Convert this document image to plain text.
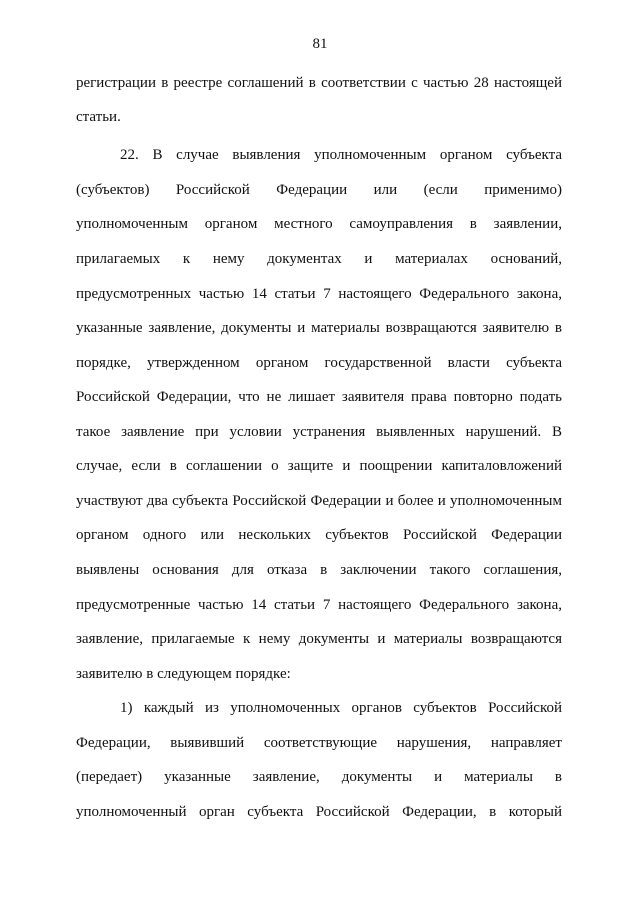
81
регистрации в реестре соглашений в соответствии с частью 28 настоящей
статьи.
22. В случае выявления уполномоченным органом субъекта
(субъектов) Российской Федерации или (если применимо)
уполномоченным органом местного самоуправления в заявлении,
прилагаемых к нему документах и материалах оснований,
предусмотренных частью 14 статьи 7 настоящего Федерального закона,
указанные заявление, документы и материалы возвращаются заявителю в
порядке, утвержденном органом государственной власти субъекта
Российской Федерации, что не лишает заявителя права повторно подать
такое заявление при условии устранения выявленных нарушений. В
случае, если в соглашении о защите и поощрении капиталовложений
участвуют два субъекта Российской Федерации и более и уполномоченным
органом одного или нескольких субъектов Российской Федерации
выявлены основания для отказа в заключении такого соглашения,
предусмотренные частью 14 статьи 7 настоящего Федерального закона,
заявление, прилагаемые к нему документы и материалы возвращаются
заявителю в следующем порядке:
1) каждый из уполномоченных органов субъектов Российской
Федерации, выявивший соответствующие нарушения, направляет
(передает) указанные заявление, документы и материалы в
уполномоченный орган субъекта Российской Федерации, в который
